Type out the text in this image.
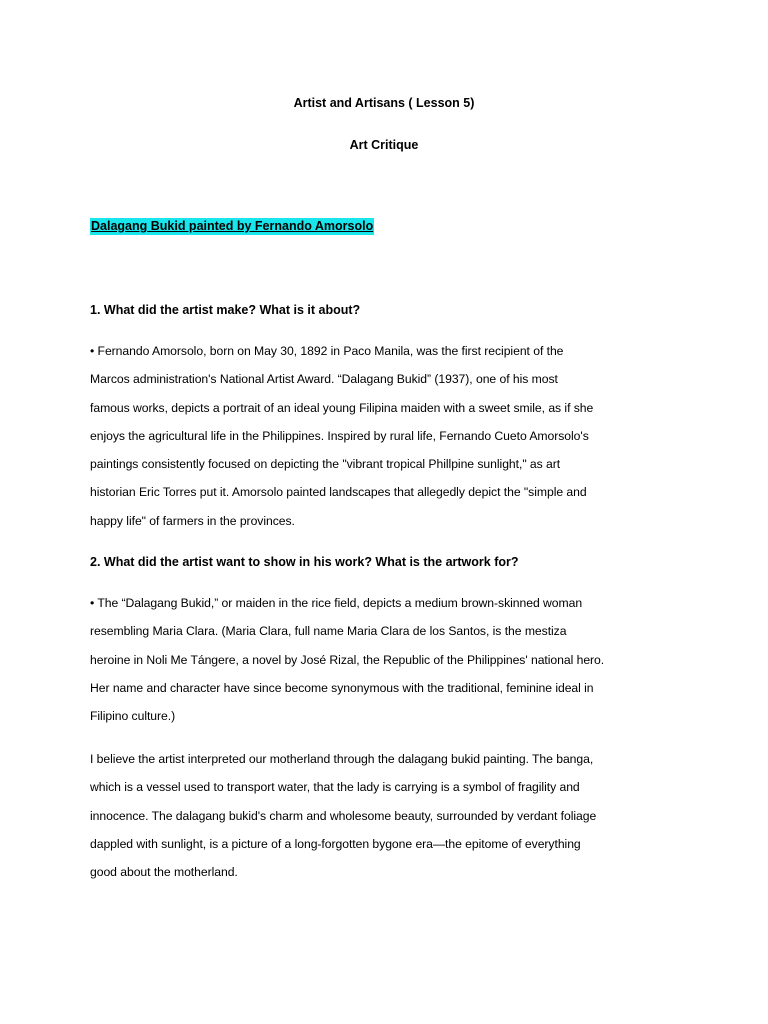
Artist and Artisans ( Lesson 5)
Art Critique
Dalagang Bukid painted by Fernando Amorsolo
1. What did the artist make? What is it about?
• Fernando Amorsolo, born on May 30, 1892 in Paco Manila, was the first recipient of the
Marcos administration's National Artist Award. “Dalagang Bukid” (1937), one of his most
famous works, depicts a portrait of an ideal young Filipina maiden with a sweet smile, as if she
enjoys the agricultural life in the Philippines. Inspired by rural life, Fernando Cueto Amorsolo's
paintings consistently focused on depicting the "vibrant tropical Phillpine sunlight," as art
historian Eric Torres put it. Amorsolo painted landscapes that allegedly depict the "simple and
happy life" of farmers in the provinces.
2. What did the artist want to show in his work? What is the artwork for?
• The “Dalagang Bukid,” or maiden in the rice field, depicts a medium brown-skinned woman
resembling Maria Clara. (Maria Clara, full name Maria Clara de los Santos, is the mestiza
heroine in Noli Me Tángere, a novel by José Rizal, the Republic of the Philippines' national hero.
Her name and character have since become synonymous with the traditional, feminine ideal in
Filipino culture.)
I believe the artist interpreted our motherland through the dalagang bukid painting. The banga,
which is a vessel used to transport water, that the lady is carrying is a symbol of fragility and
innocence. The dalagang bukid's charm and wholesome beauty, surrounded by verdant foliage
dappled with sunlight, is a picture of a long-forgotten bygone era—the epitome of everything
good about the motherland.
